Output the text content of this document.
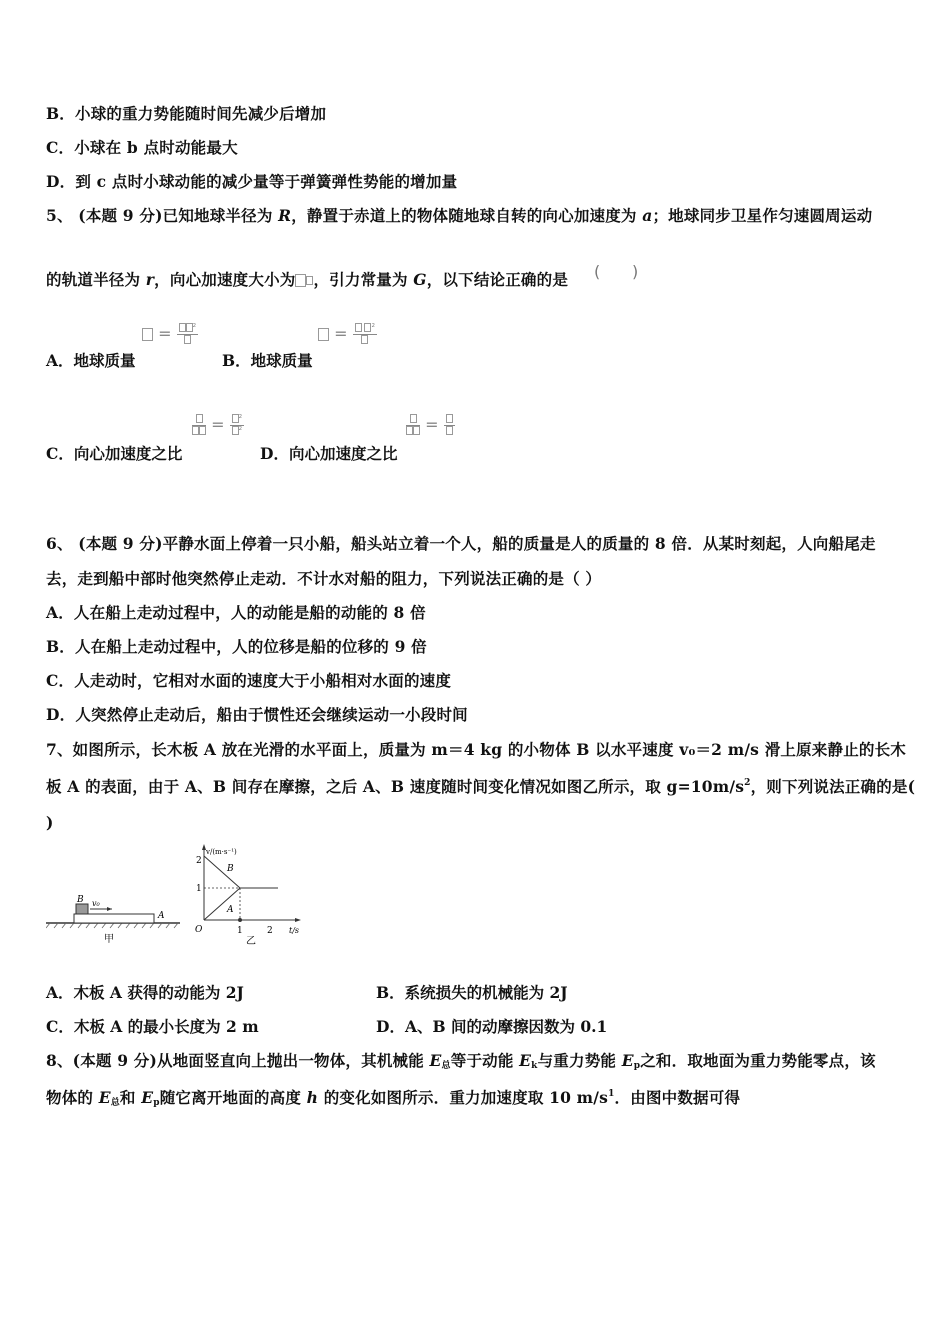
B．小球的重力势能随时间先减少后增加
C．小球在 b 点时动能最大
D．到 c 点时小球动能的减少量等于弹簧弹性势能的增加量
5、 (本题 9 分)已知地球半径为 R，静置于赤道上的物体随地球自转的向心加速度为 a；地球同步卫星作匀速圆周运动
的轨道半径为 r，向心加速度大小为 ，引力常量为 G，以下结论正确的是 ( )
A．地球质量
=	²
B．地球质量
=	²
C．向心加速度之比
= $\frac{\text{²}}{\text{²}}$
D．向心加速度之比
=
6、 (本题 9 分)平静水面上停着一只小船，船头站立着一个人，船的质量是人的质量的 8 倍．从某时刻起，人向船尾走
去，走到船中部时他突然停止走动．不计水对船的阻力，下列说法正确的是（ ）
A．人在船上走动过程中，人的动能是船的动能的 8 倍
B．人在船上走动过程中，人的位移是船的位移的 9 倍
C．人走动时，它相对水面的速度大于小船相对水面的速度
D．人突然停止走动后，船由于惯性还会继续运动一小段时间
7、如图所示，长木板 A 放在光滑的水平面上，质量为 m＝4 kg 的小物体 B 以水平速度 v₀＝2 m/s 滑上原来静止的长木
板 A 的表面，由于 A、B 间存在摩擦，之后 A、B 速度随时间变化情况如图乙所示，取 $g=10m/s^2$，则下列说法正确的是(
)
B v₀
A
甲
2
1
v/(m·s⁻¹)
t/s
O	1	2
B
A
乙
A．木板 A 获得的动能为 2J	B．系统损失的机械能为 2J
C．木板 A 的最小长度为 2 m	D．A、B 间的动摩擦因数为 0.1
8、(本题 9 分)从地面竖直向上抛出一物体，其机械能 $E_总$等于动能 $E_k$与重力势能 $E_p$之和．取地面为重力势能零点，该
物体的 $E_总$和 $E_p$随它离开地面的高度 h 的变化如图所示．重力加速度取 10 $m/s^1$．由图中数据可得
